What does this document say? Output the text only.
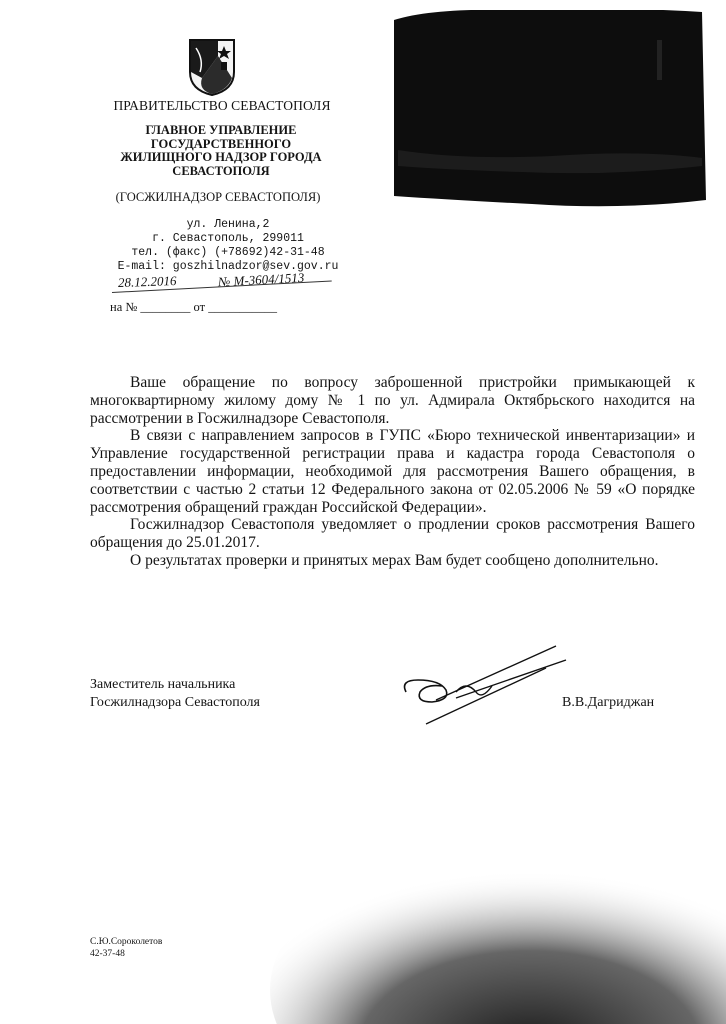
ПРАВИТЕЛЬСТВО СЕВАСТОПОЛЯ
ГЛАВНОЕ УПРАВЛЕНИЕ
ГОСУДАРСТВЕННОГО
ЖИЛИЩНОГО НАДЗОР ГОРОДА
СЕВАСТОПОЛЯ
(ГОСЖИЛНАДЗОР СЕВАСТОПОЛЯ)
ул. Ленина,2
г. Севастополь, 299011
тел. (факс) (+78692)42-31-48
E-mail: goszhilnadzor@sev.gov.ru
28.12.2016	№ М-3604/1513
на № ________ от ___________

Ваше обращение по вопросу заброшенной пристройки примыкающей к многоквартирному жилому дому № 1 по ул. Адмирала Октябрьского находится на рассмотрении в Госжилнадзоре Севастополя.

В связи с направлением запросов в ГУПС «Бюро технической инвентаризации» и Управление государственной регистрации права и кадастра города Севастополя о предоставлении информации, необходимой для рассмотрения Вашего обращения, в соответствии с частью 2 статьи 12 Федерального закона от 02.05.2006 № 59 «О порядке рассмотрения обращений граждан Российской Федерации».

Госжилнадзор Севастополя уведомляет о продлении сроков рассмотрения Вашего обращения до 25.01.2017.

О результатах проверки и принятых мерах Вам будет сообщено дополнительно.

Заместитель начальника
Госжилнадзора Севастополя	В.В.Дагриджан
С.Ю.Сороколетов
42-37-48
